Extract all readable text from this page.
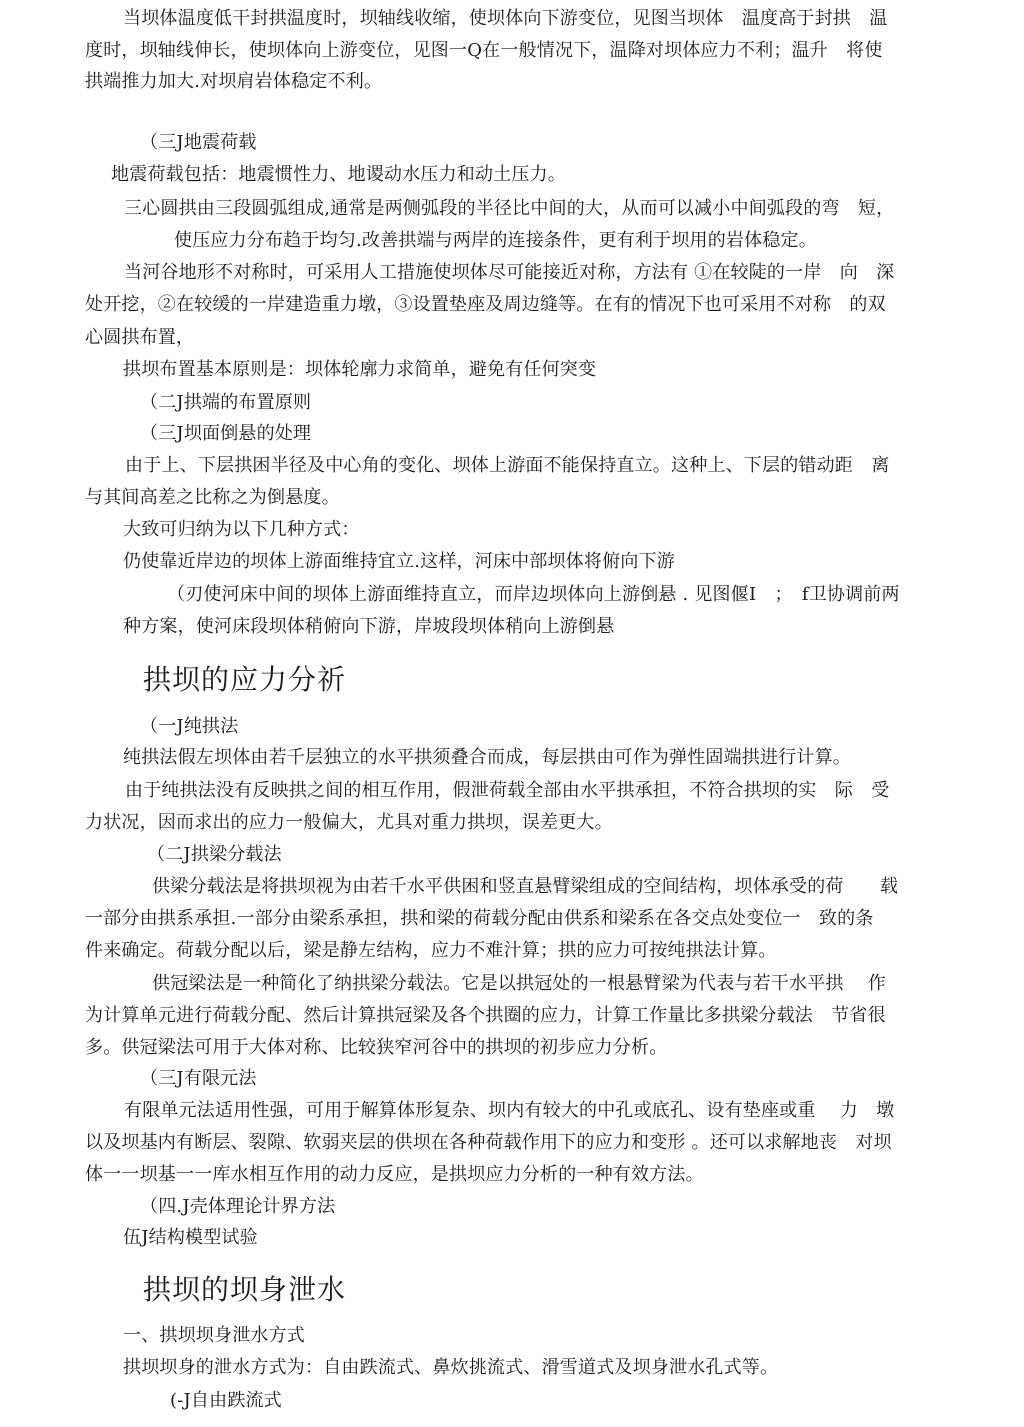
当坝体温度低干封拱温度时，坝轴线收缩，使坝体向下游变位，见图当坝体　温度高于封拱　温
度时，坝轴线伸长，使坝体向上游变位，见图一Q在一般情况下，温降对坝体应力不利；温升　将使
拱端推力加大.对坝肩岩体稳定不利。
（三J地震荷载
地震荷载包括：地震惯性力、地谡动水压力和动土压力。
三心圆拱由三段圆弧组成,通常是两侧弧段的半径比中间的大，从而可以减小中间弧段的弯　短，
使压应力分布趋于均匀.改善拱端与两岸的连接条件，更有利于坝用的岩体稳定。
当河谷地形不对称时，可采用人工措施使坝体尽可能接近对称，方法有 ①在较陡的一岸　向　深
处开挖，②在较缓的一岸建造重力墩，③设置垫座及周边缝等。在有的情况下也可采用不对称　的双
心圆拱布置，
拱坝布置基本原则是：坝体轮廓力求简单，避免有任何突变
（二J拱端的布置原则
（三J坝面倒悬的处理
由于上、下层拱困半径及中心角的变化、坝体上游面不能保持直立。这种上、下层的错动距　离
与其间高差之比称之为倒悬度。
大致可归纳为以下几种方式：
仍使靠近岸边的坝体上游面维持宜立.这样，河床中部坝体将俯向下游
（刃使河床中间的坝体上游面维持直立，而岸边坝体向上游倒悬 . 见图偃I　；　f卫协调前两
种方案，使河床段坝体稍俯向下游，岸坡段坝体稍向上游倒悬
拱坝的应力分祈
（一J纯拱法
纯拱法假左坝体由若千层独立的水平拱须叠合而成，每层拱由可作为弹性固端拱进行计算。
由于纯拱法没有反映拱之间的相互作用，假泄荷载全部由水平拱承担，不符合拱坝的实　际　受
力状况，因而求出的应力一般偏大，尤具对重力拱坝，误差更大。
（二J拱梁分载法
供梁分载法是将拱坝视为由若千水平供困和竖直悬臂梁组成的空间结构，坝体承受的荷　　载
一部分由拱系承担.一部分由梁系承担，拱和梁的荷载分配由供系和梁系在各交点处变位一　致的条
件来确定。荷载分配以后，梁是静左结构，应力不难汁算；拱的应力可按纯拱法计算。
供冠梁法是一种简化了纳拱梁分载法。它是以拱冠处的一根悬臂梁为代表与若干水平拱　 作
为计算单元进行荷载分配、然后计算拱冠梁及各个拱圈的应力，计算工作量比多拱梁分载法　节省很
多。供冠梁法可用于大体对称、比较狭窄河谷中的拱坝的初步应力分析。
（三J有限元法
有限单元法适用性强，可用于解算体形复杂、坝内有较大的中孔或底孔、设有垫座或重　 力　墩
以及坝基内有断层、裂隙、软弱夹层的供坝在各种荷载作用下的应力和变形 。还可以求解地丧　对坝
体一一坝基一一库水相互作用的动力反应，是拱坝应力分析的一种有效方法。
（四.J壳体理论计界方法
伍J结构模型试验
拱坝的坝身泄水
一、拱坝坝身泄水方式
拱坝坝身的泄水方式为：自由跌流式、鼻炊挑流式、滑雪道式及坝身泄水孔式等。
(-J自由跌流式
